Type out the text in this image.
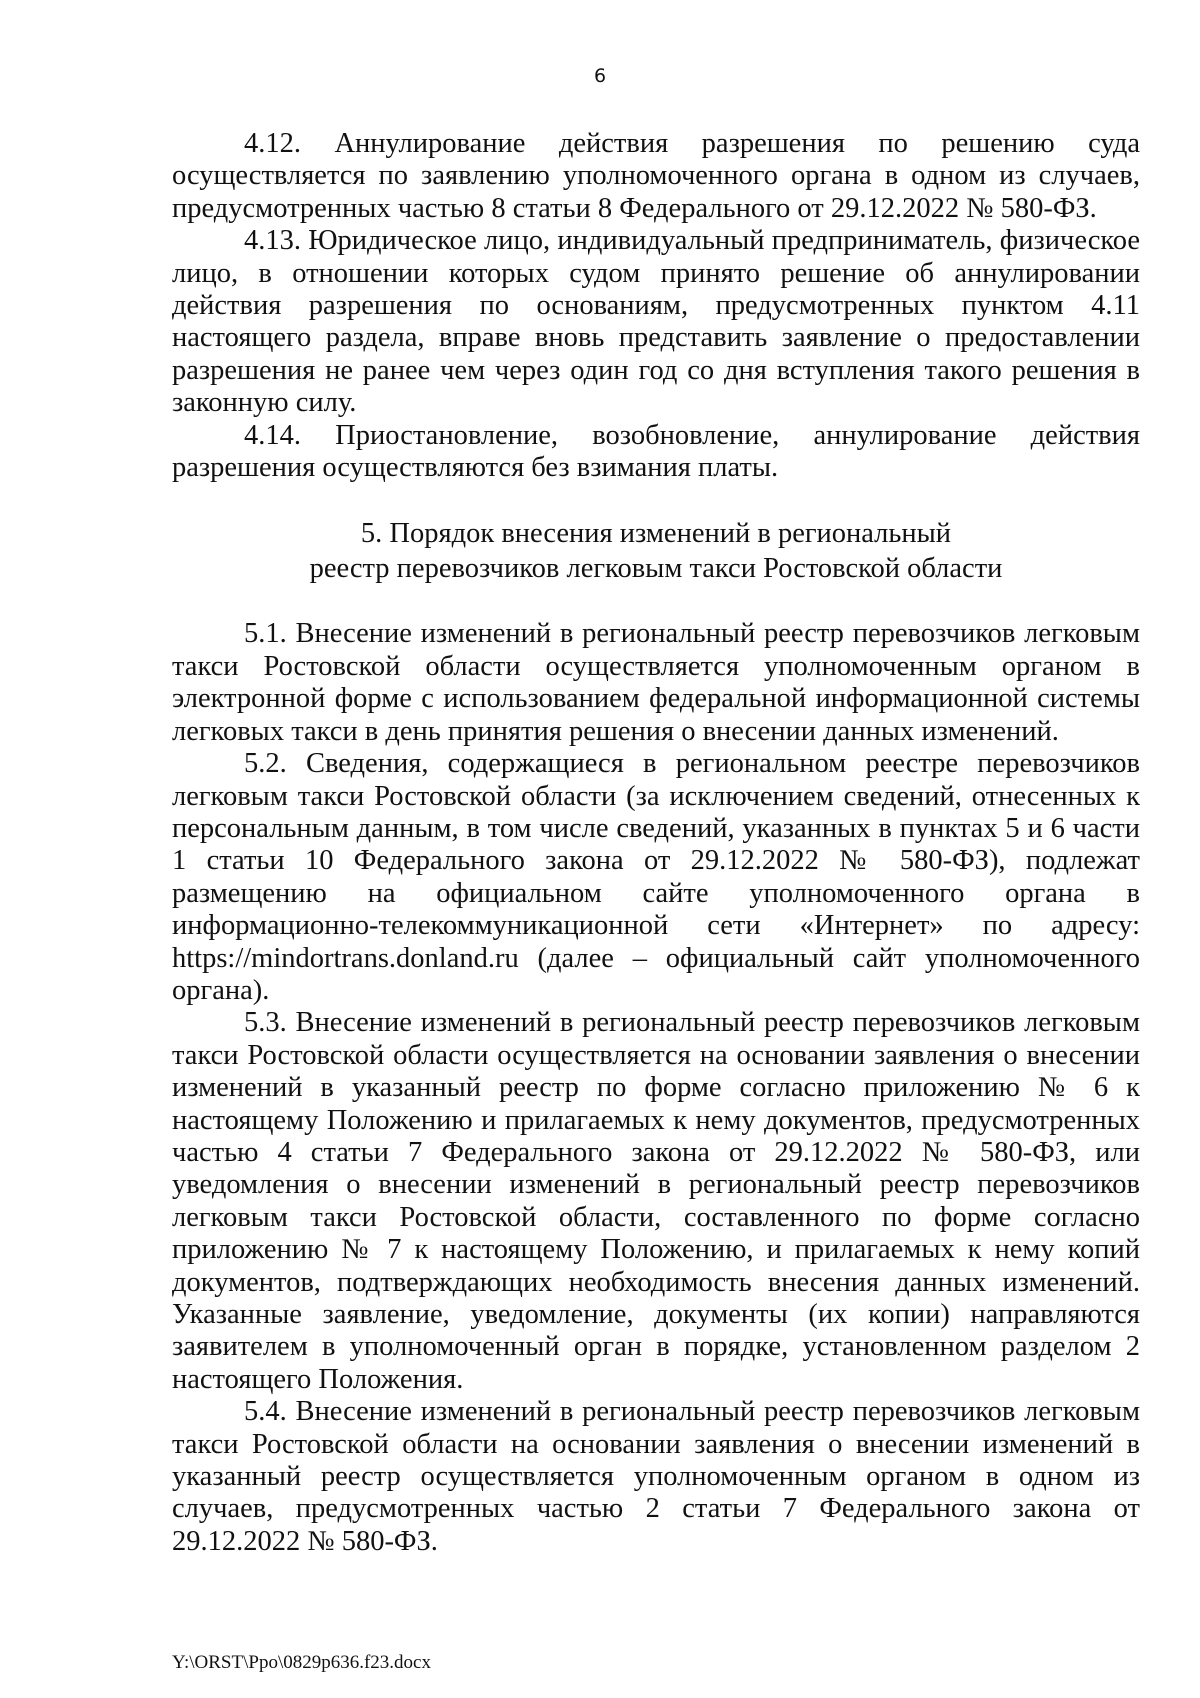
6

4.12. Аннулирование действия разрешения по решению суда осуществляется по заявлению уполномоченного органа в одном из случаев, предусмотренных частью 8 статьи 8 Федерального от 29.12.2022 № 580-ФЗ.

4.13. Юридическое лицо, индивидуальный предприниматель, физическое лицо, в отношении которых судом принято решение об аннулировании действия разрешения по основаниям, предусмотренных пунктом 4.11 настоящего раздела, вправе вновь представить заявление о предоставлении разрешения не ранее чем через один год со дня вступления такого решения в законную силу.

4.14. Приостановление, возобновление, аннулирование действия разрешения осуществляются без взимания платы.

5. Порядок внесения изменений в региональный
реестр перевозчиков легковым такси Ростовской области

5.1. Внесение изменений в региональный реестр перевозчиков легковым такси Ростовской области осуществляется уполномоченным органом в электронной форме с использованием федеральной информационной системы легковых такси в день принятия решения о внесении данных изменений.

5.2. Сведения, содержащиеся в региональном реестре перевозчиков легковым такси Ростовской области (за исключением сведений, отнесенных к персональным данным, в том числе сведений, указанных в пунктах 5 и 6 части 1 статьи 10 Федерального закона от 29.12.2022 № 580-ФЗ), подлежат размещению на официальном сайте уполномоченного органа в информационно-телекоммуникационной сети «Интернет» по адресу: https://mindortrans.donland.ru (далее – официальный сайт уполномоченного органа).

5.3. Внесение изменений в региональный реестр перевозчиков легковым такси Ростовской области осуществляется на основании заявления о внесении изменений в указанный реестр по форме согласно приложению № 6 к настоящему Положению и прилагаемых к нему документов, предусмотренных частью 4 статьи 7 Федерального закона от 29.12.2022 № 580-ФЗ, или уведомления о внесении изменений в региональный реестр перевозчиков легковым такси Ростовской области, составленного по форме согласно приложению № 7 к настоящему Положению, и прилагаемых к нему копий документов, подтверждающих необходимость внесения данных изменений. Указанные заявление, уведомление, документы (их копии) направляются заявителем в уполномоченный орган в порядке, установленном разделом 2 настоящего Положения.

5.4. Внесение изменений в региональный реестр перевозчиков легковым такси Ростовской области на основании заявления о внесении изменений в указанный реестр осуществляется уполномоченным органом в одном из случаев, предусмотренных частью 2 статьи 7 Федерального закона от 29.12.2022 № 580-ФЗ.

Y:\ORST\Ppo\0829p636.f23.docx
